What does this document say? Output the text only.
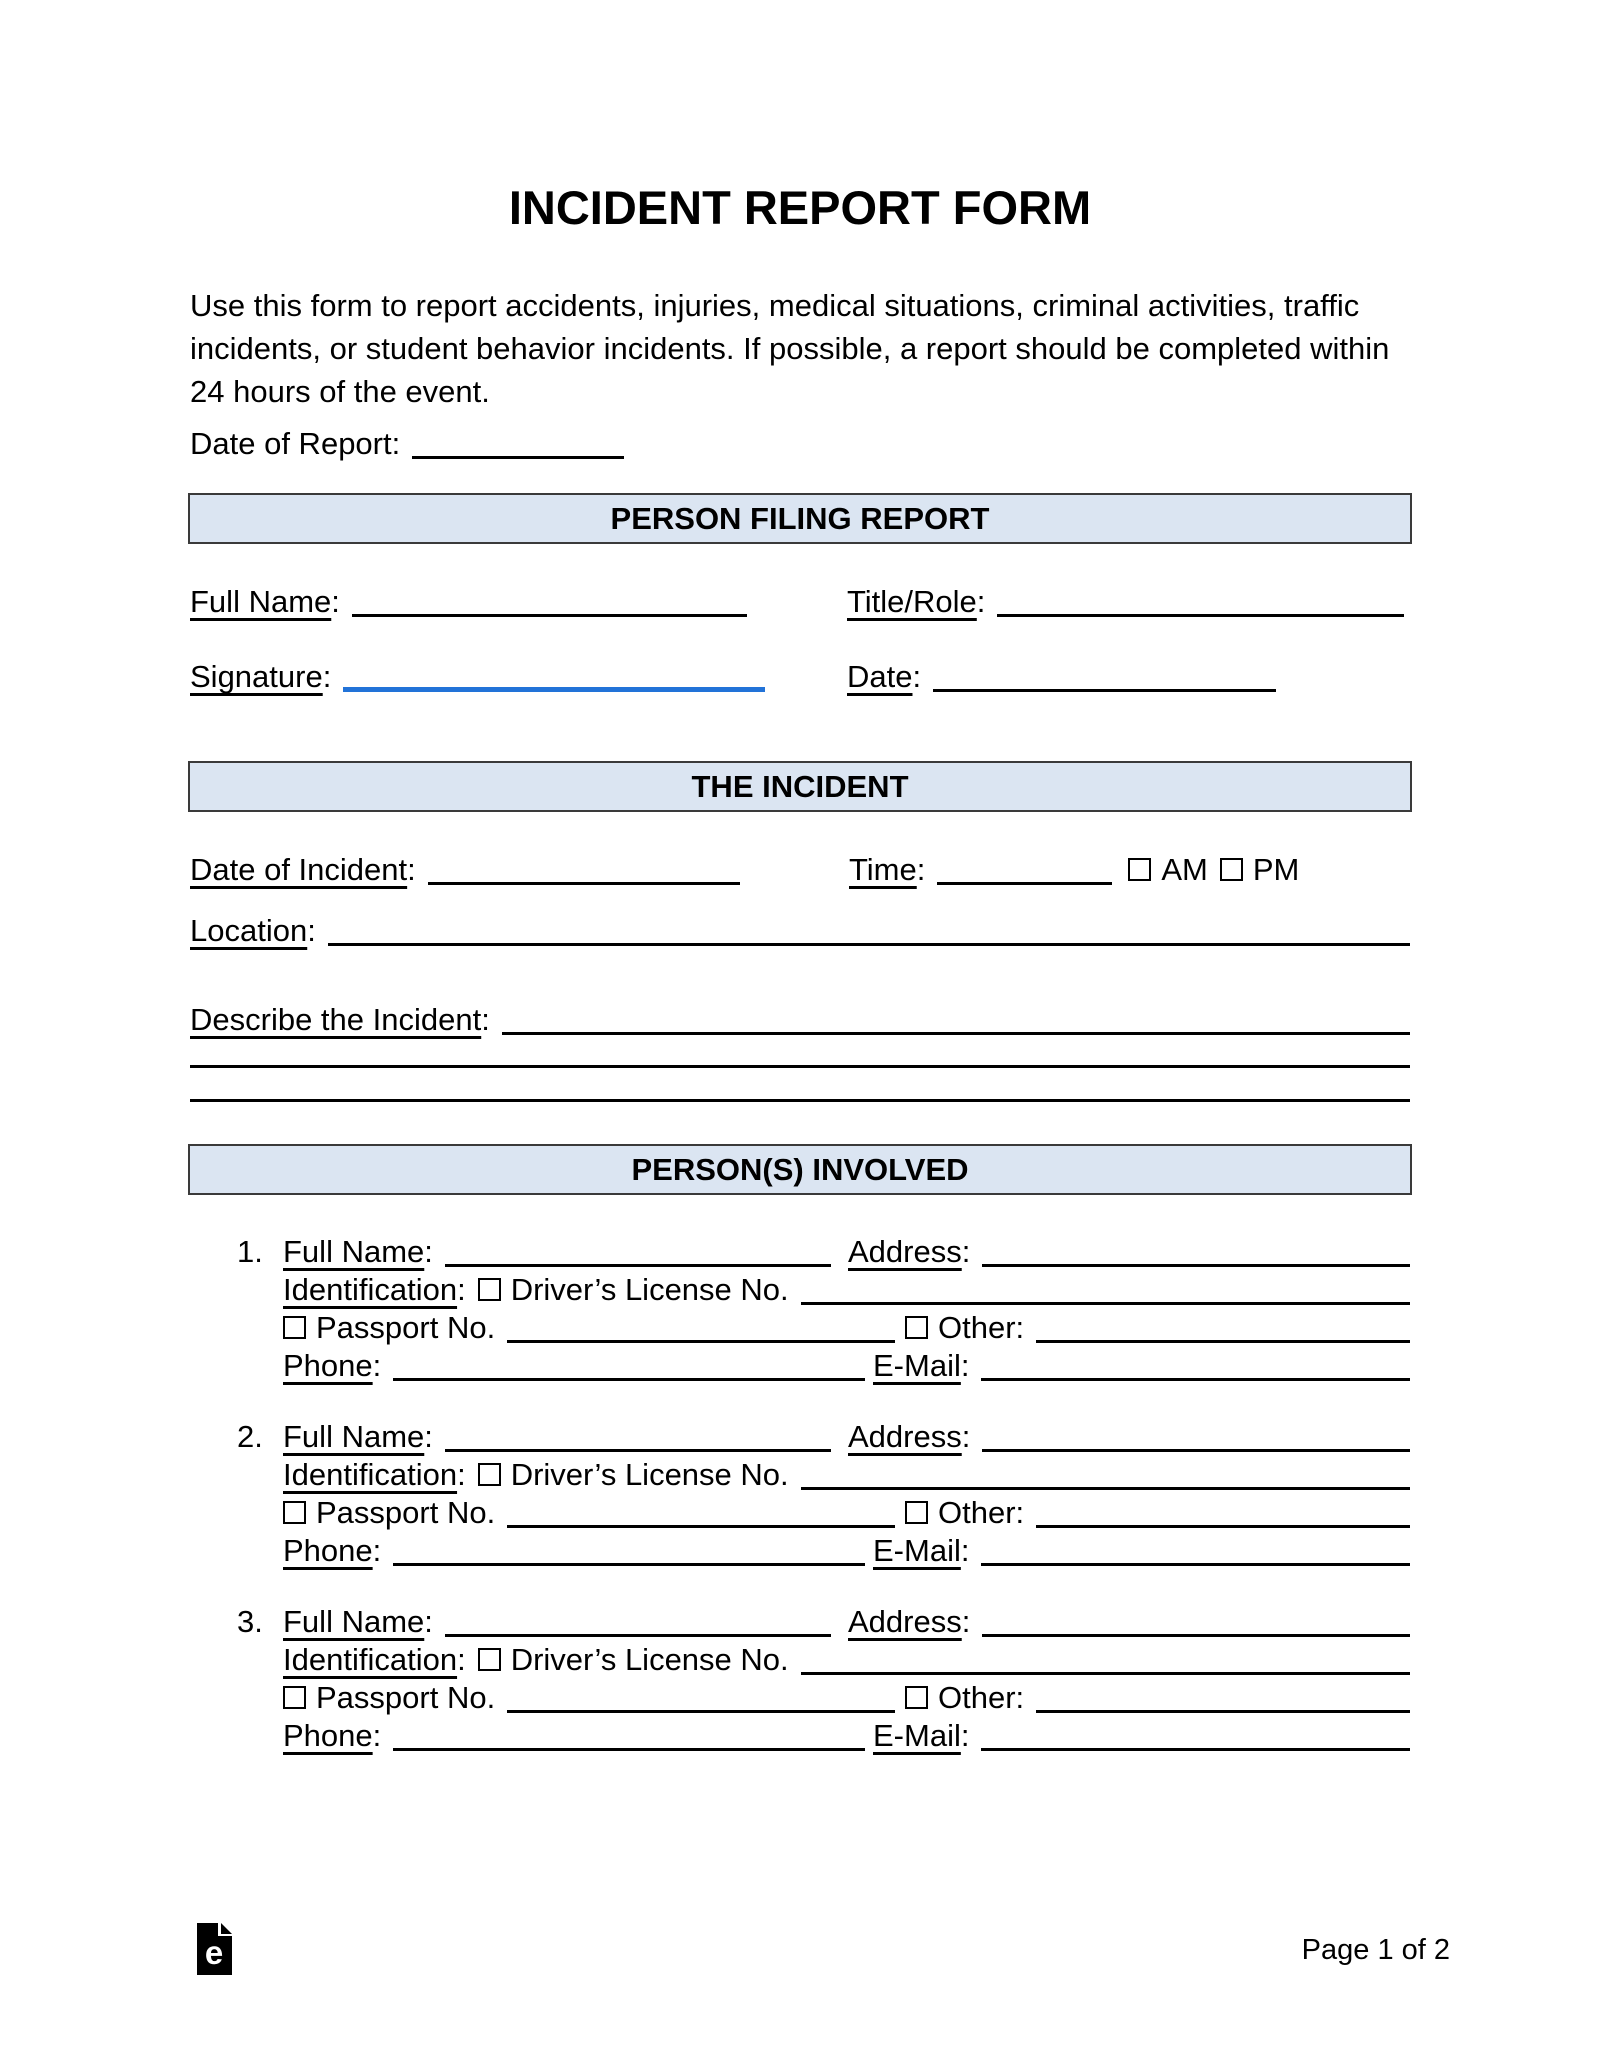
INCIDENT REPORT FORM
Use this form to report accidents, injuries, medical situations, criminal activities, traffic incidents, or student behavior incidents. If possible, a report should be completed within 24 hours of the event.
Date of Report :
PERSON FILING REPORT
Full Name :	Title/Role :
Signature :	Date :
THE INCIDENT
Date of Incident :	Time :	AM PM
Location :
Describe the Incident :
PERSON(S) INVOLVED
1. Full Name :	Address :
Identification : Driver’s License No.
Passport No.	Other :
Phone :	E-Mail :
2. Full Name :	Address :
Identification : Driver’s License No.
Passport No.	Other :
Phone :	E-Mail :
3. Full Name :	Address :
Identification : Driver’s License No.
Passport No.	Other :
Phone :	E-Mail :
e	Page 1 of 2
